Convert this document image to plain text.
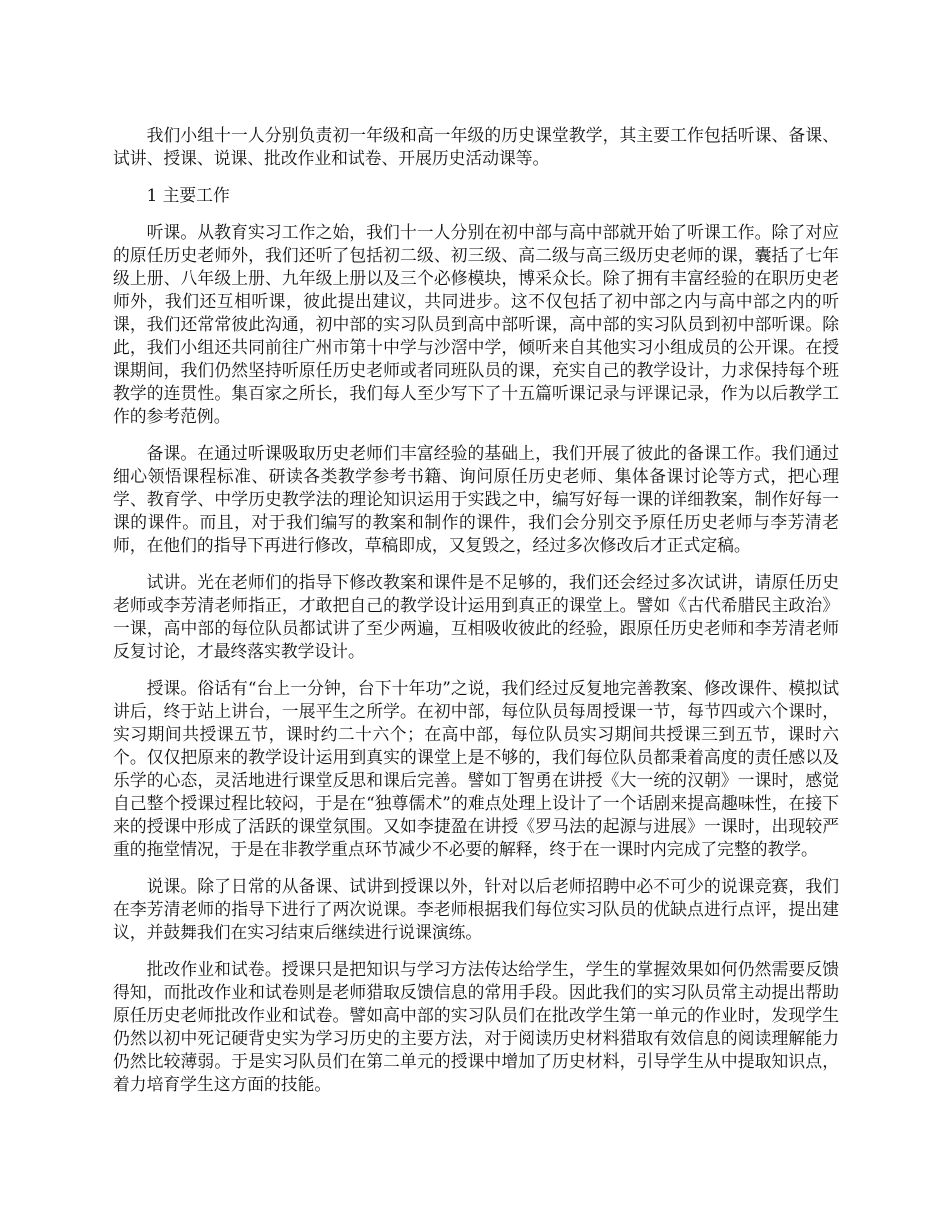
我们小组十一人分别负责初一年级和高一年级的历史课堂教学，其主要工作包括听课、备课、试讲、授课、说课、批改作业和试卷、开展历史活动课等。

1 主要工作

听课。从教育实习工作之始，我们十一人分别在初中部与高中部就开始了听课工作。除了对应的原任历史老师外，我们还听了包括初二级、初三级、高二级与高三级历史老师的课，囊括了七年级上册、八年级上册、九年级上册以及三个必修模块，博采众长。除了拥有丰富经验的在职历史老师外，我们还互相听课，彼此提出建议，共同进步。这不仅包括了初中部之内与高中部之内的听课，我们还常常彼此沟通，初中部的实习队员到高中部听课，高中部的实习队员到初中部听课。除此，我们小组还共同前往广州市第十中学与沙滘中学，倾听来自其他实习小组成员的公开课。在授课期间，我们仍然坚持听原任历史老师或者同班队员的课，充实自己的教学设计，力求保持每个班教学的连贯性。集百家之所长，我们每人至少写下了十五篇听课记录与评课记录，作为以后教学工作的参考范例。

备课。在通过听课吸取历史老师们丰富经验的基础上，我们开展了彼此的备课工作。我们通过细心领悟课程标准、研读各类教学参考书籍、询问原任历史老师、集体备课讨论等方式，把心理学、教育学、中学历史教学法的理论知识运用于实践之中，编写好每一课的详细教案，制作好每一课的课件。而且，对于我们编写的教案和制作的课件，我们会分别交予原任历史老师与李芳清老师，在他们的指导下再进行修改，草稿即成，又复毁之，经过多次修改后才正式定稿。

试讲。光在老师们的指导下修改教案和课件是不足够的，我们还会经过多次试讲，请原任历史老师或李芳清老师指正，才敢把自己的教学设计运用到真正的课堂上。譬如《古代希腊民主政治》一课，高中部的每位队员都试讲了至少两遍，互相吸收彼此的经验，跟原任历史老师和李芳清老师反复讨论，才最终落实教学设计。

授课。俗话有“台上一分钟，台下十年功”之说，我们经过反复地完善教案、修改课件、模拟试讲后，终于站上讲台，一展平生之所学。在初中部，每位队员每周授课一节，每节四或六个课时，实习期间共授课五节，课时约二十六个；在高中部，每位队员实习期间共授课三到五节，课时六个。仅仅把原来的教学设计运用到真实的课堂上是不够的，我们每位队员都秉着高度的责任感以及乐学的心态，灵活地进行课堂反思和课后完善。譬如丁智勇在讲授《大一统的汉朝》一课时，感觉自己整个授课过程比较闷，于是在“独尊儒术”的难点处理上设计了一个话剧来提高趣味性，在接下来的授课中形成了活跃的课堂氛围。又如李捷盈在讲授《罗马法的起源与进展》一课时，出现较严重的拖堂情况，于是在非教学重点环节减少不必要的解释，终于在一课时内完成了完整的教学。

说课。除了日常的从备课、试讲到授课以外，针对以后老师招聘中必不可少的说课竞赛，我们在李芳清老师的指导下进行了两次说课。李老师根据我们每位实习队员的优缺点进行点评，提出建议，并鼓舞我们在实习结束后继续进行说课演练。

批改作业和试卷。授课只是把知识与学习方法传达给学生，学生的掌握效果如何仍然需要反馈得知，而批改作业和试卷则是老师猎取反馈信息的常用手段。因此我们的实习队员常主动提出帮助原任历史老师批改作业和试卷。譬如高中部的实习队员们在批改学生第一单元的作业时，发现学生仍然以初中死记硬背史实为学习历史的主要方法，对于阅读历史材料猎取有效信息的阅读理解能力仍然比较薄弱。于是实习队员们在第二单元的授课中增加了历史材料，引导学生从中提取知识点，着力培育学生这方面的技能。
